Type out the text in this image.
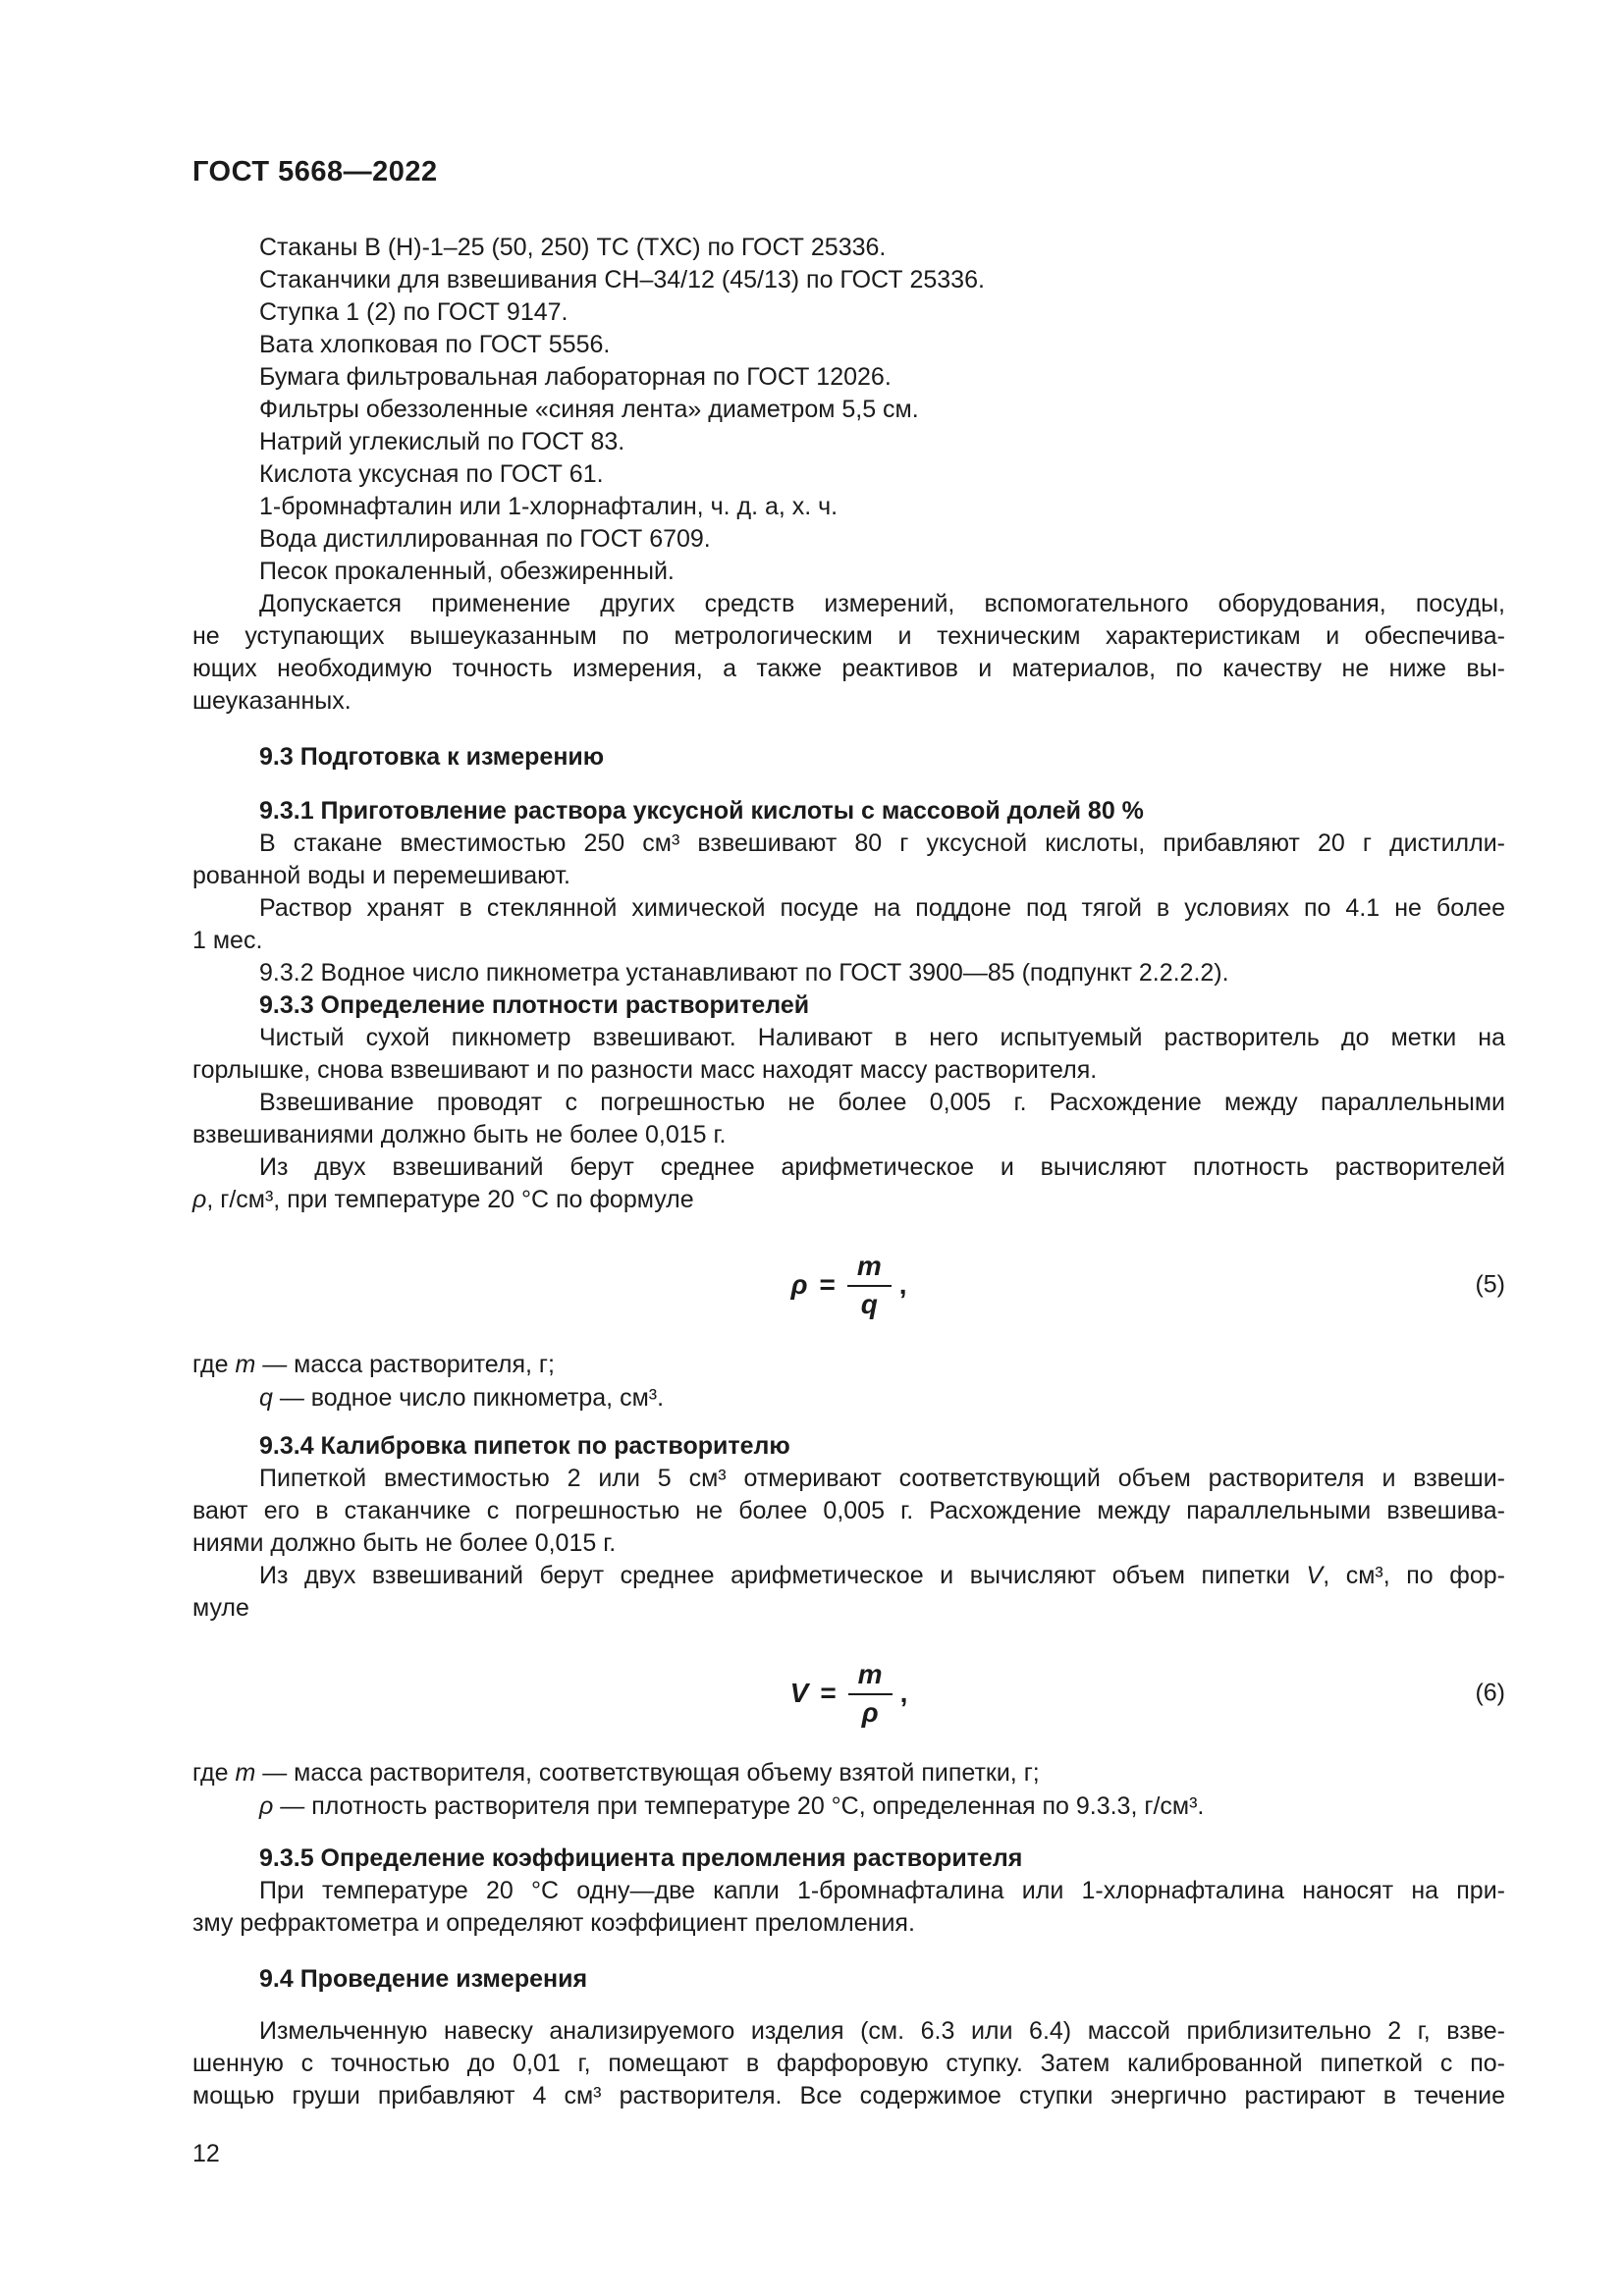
ГОСТ 5668—2022
Стаканы В (Н)-1–25 (50, 250) ТС (ТХС) по ГОСТ 25336.
Стаканчики для взвешивания СН–34/12 (45/13) по ГОСТ 25336.
Ступка 1 (2) по ГОСТ 9147.
Вата хлопковая по ГОСТ 5556.
Бумага фильтровальная лабораторная по ГОСТ 12026.
Фильтры обеззоленные «синяя лента» диаметром 5,5 см.
Натрий углекислый по ГОСТ 83.
Кислота уксусная по ГОСТ 61.
1-бромнафталин или 1-хлорнафталин, ч. д. а, х. ч.
Вода дистиллированная по ГОСТ 6709.
Песок прокаленный, обезжиренный.
Допускается применение других средств измерений, вспомогательного оборудования, посуды,
не уступающих вышеуказанным по метрологическим и техническим характеристикам и обеспечива-
ющих необходимую точность измерения, а также реактивов и материалов, по качеству не ниже вы-
шеуказанных.
9.3 Подготовка к измерению
9.3.1 Приготовление раствора уксусной кислоты с массовой долей 80 %
В стакане вместимостью 250 см³ взвешивают 80 г уксусной кислоты, прибавляют 20 г дистилли-
рованной воды и перемешивают.
Раствор хранят в стеклянной химической посуде на поддоне под тягой в условиях по 4.1 не более
1 мес.
9.3.2 Водное число пикнометра устанавливают по ГОСТ 3900—85 (подпункт 2.2.2.2).
9.3.3 Определение плотности растворителей
Чистый сухой пикнометр взвешивают. Наливают в него испытуемый растворитель до метки на
горлышке, снова взвешивают и по разности масс находят массу растворителя.
Взвешивание проводят с погрешностью не более 0,005 г. Расхождение между параллельными
взвешиваниями должно быть не более 0,015 г.
Из двух взвешиваний берут среднее арифметическое и вычисляют плотность растворителей
ρ, г/см³, при температуре 20 °С по формуле
$\rho = \frac{m}{q}$ ,	(5)
где m — масса растворителя, г;
q — водное число пикнометра, см³.
9.3.4 Калибровка пипеток по растворителю
Пипеткой вместимостью 2 или 5 см³ отмеривают соответствующий объем растворителя и взвеши-
вают его в стаканчике с погрешностью не более 0,005 г. Расхождение между параллельными взвешива-
ниями должно быть не более 0,015 г.
Из двух взвешиваний берут среднее арифметическое и вычисляют объем пипетки V, см³, по фор-
муле
$V = \frac{m}{\rho}$ ,	(6)
где m — масса растворителя, соответствующая объему взятой пипетки, г;
ρ — плотность растворителя при температуре 20 °С, определенная по 9.3.3, г/см³.
9.3.5 Определение коэффициента преломления растворителя
При температуре 20 °С одну—две капли 1-бромнафталина или 1-хлорнафталина наносят на при-
зму рефрактометра и определяют коэффициент преломления.
9.4 Проведение измерения
Измельченную навеску анализируемого изделия (см. 6.3 или 6.4) массой приблизительно 2 г, взве-
шенную с точностью до 0,01 г, помещают в фарфоровую ступку. Затем калиброванной пипеткой с по-
мощью груши прибавляют 4 см³ растворителя. Все содержимое ступки энергично растирают в течение
12
